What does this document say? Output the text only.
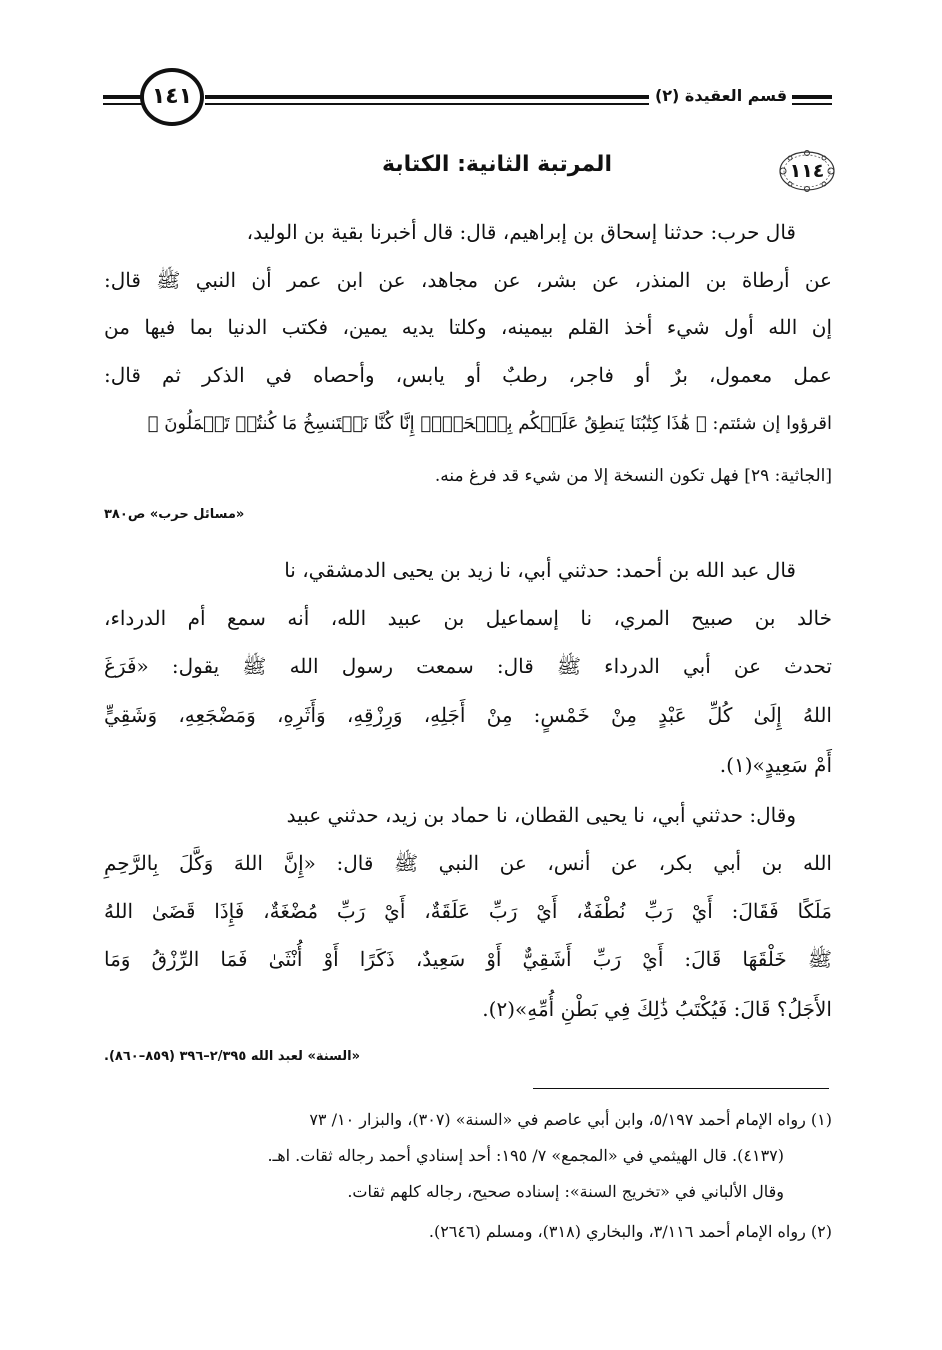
١٤١	قسم العقيدة (٢)
١١٤
المرتبة الثانية: الكتابة
قال حرب: حدثنا إسحاق بن إبراهيم، قال: قال أخبرنا بقية بن الوليد،
عن أرطاة بن المنذر، عن بشر، عن مجاهد، عن ابن عمر أن النبي ﷺ قال:
إن الله أول شيء أخذ القلم بيمينه، وكلتا يديه يمين، فكتب الدنيا بما فيها من
عمل معمول، برٌ أو فاجر، رطبٌ أو يابس، وأحصاه في الذكر ثم قال:
اقرؤوا إن شئتم: ﴿ هَٰذَا كِتَٰبُنَا يَنطِقُ عَلَيۡكُم بِٱلۡحَقِّۚ إِنَّا كُنَّا نَسۡتَنسِخُ مَا كُنتُمۡ تَعۡمَلُونَ ﴾
[الجاثية: ٢٩] فهل تكون النسخة إلا من شيء قد فرغ منه.
«مسائل حرب» ص٣٨٠
قال عبد الله بن أحمد: حدثني أبي، نا زيد بن يحيى الدمشقي، نا
خالد بن صبيح المري، نا إسماعيل بن عبيد الله، أنه سمع أم الدرداء،
تحدث عن أبي الدرداء ﷺ قال: سمعت رسول الله ﷺ يقول: «فَرَغَ
اللهُ إِلَىٰ كُلِّ عَبْدٍ مِنْ خَمْسٍ: مِنْ أَجَلِهِ، وَرِزْقِهِ، وَأَثَرِهِ، وَمَضْجَعِهِ، وَشَقِيٍّ
أَمْ سَعِيدٍ»(١).
وقال: حدثني أبي، نا يحيى القطان، نا حماد بن زيد، حدثني عبيد
الله بن أبي بكر، عن أنس، عن النبي ﷺ قال: «إِنَّ اللهَ وَكَّلَ بِالرَّحِمِ
مَلَكًا فَقَالَ: أَيْ رَبِّ نُطْفَةٌ، أَيْ رَبِّ عَلَقَةٌ، أَيْ رَبِّ مُضْغَةٌ، فَإِذَا قَضَىٰ اللهُ
ﷺ خَلْقَهَا قَالَ: أَيْ رَبِّ أَشَقِيٌّ أَوْ سَعِيدٌ، ذَكَرًا أَوْ أُنْثَىٰ فَمَا الرِّزْقُ وَمَا
الأَجَلُ؟ قَالَ: فَيُكْتَبُ ذَٰلِكَ فِي بَطْنِ أُمِّهِ»(٢).
«السنة» لعبد الله ٢/٣٩٥–٣٩٦ (٨٥٩–٨٦٠).
(١) رواه الإمام أحمد ٥/١٩٧، وابن أبي عاصم في «السنة» (٣٠٧)، والبزار ١٠/ ٧٣
(٤١٣٧). قال الهيثمي في «المجمع» ٧/ ١٩٥: أحد إسنادي أحمد رجاله ثقات. اهـ.
وقال الألباني في «تخريج السنة»: إسناده صحيح، رجاله كلهم ثقات.
(٢) رواه الإمام أحمد ٣/١١٦، والبخاري (٣١٨)، ومسلم (٢٦٤٦).
